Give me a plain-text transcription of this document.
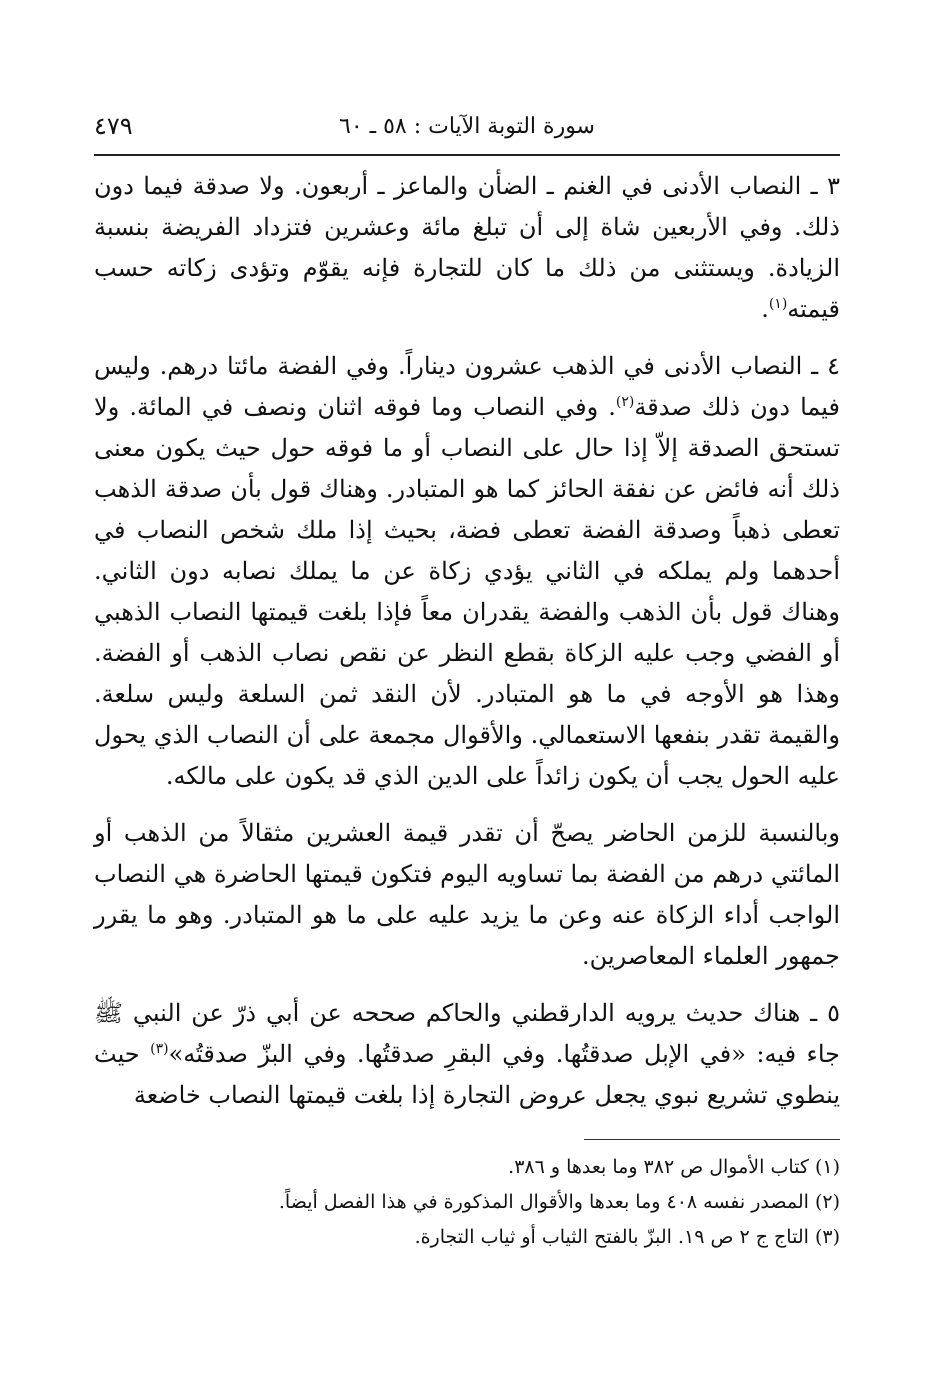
سورة التوبة الآيات : ٥٨ ـ ٦٠
٤٧٩

٣ ـ النصاب الأدنى في الغنم ـ الضأن والماعز ـ أربعون. ولا صدقة فيما دون ذلك. وفي الأربعين شاة إلى أن تبلغ مائة وعشرين فتزداد الفريضة بنسبة الزيادة. ويستثنى من ذلك ما كان للتجارة فإنه يقوّم وتؤدى زكاته حسب قيمته$^{(١)}$.

٤ ـ النصاب الأدنى في الذهب عشرون ديناراً. وفي الفضة مائتا درهم. وليس فيما دون ذلك صدقة$^{(٢)}$. وفي النصاب وما فوقه اثنان ونصف في المائة. ولا تستحق الصدقة إلاّ إذا حال على النصاب أو ما فوقه حول حيث يكون معنى ذلك أنه فائض عن نفقة الحائز كما هو المتبادر. وهناك قول بأن صدقة الذهب تعطى ذهباً وصدقة الفضة تعطى فضة، بحيث إذا ملك شخص النصاب في أحدهما ولم يملكه في الثاني يؤدي زكاة عن ما يملك نصابه دون الثاني. وهناك قول بأن الذهب والفضة يقدران معاً فإذا بلغت قيمتها النصاب الذهبي أو الفضي وجب عليه الزكاة بقطع النظر عن نقص نصاب الذهب أو الفضة. وهذا هو الأوجه في ما هو المتبادر. لأن النقد ثمن السلعة وليس سلعة. والقيمة تقدر بنفعها الاستعمالي. والأقوال مجمعة على أن النصاب الذي يحول عليه الحول يجب أن يكون زائداً على الدين الذي قد يكون على مالكه.

وبالنسبة للزمن الحاضر يصحّ أن تقدر قيمة العشرين مثقالاً من الذهب أو المائتي درهم من الفضة بما تساويه اليوم فتكون قيمتها الحاضرة هي النصاب الواجب أداء الزكاة عنه وعن ما يزيد عليه على ما هو المتبادر. وهو ما يقرر جمهور العلماء المعاصرين.

٥ ـ هناك حديث يرويه الدارقطني والحاكم صححه عن أبي ذرّ عن النبي ﷺ جاء فيه: «في الإبل صدقتُها. وفي البقرِ صدقتُها. وفي البزّ صدقتُه»$^{(٣)}$ حيث ينطوي تشريع نبوي يجعل عروض التجارة إذا بلغت قيمتها النصاب خاضعة

(١) كتاب الأموال ص ٣٨٢ وما بعدها و ٣٨٦.

(٢) المصدر نفسه ٤٠٨ وما بعدها والأقوال المذكورة في هذا الفصل أيضاً.

(٣) التاج ج ٢ ص ١٩. البزّ بالفتح الثياب أو ثياب التجارة.
